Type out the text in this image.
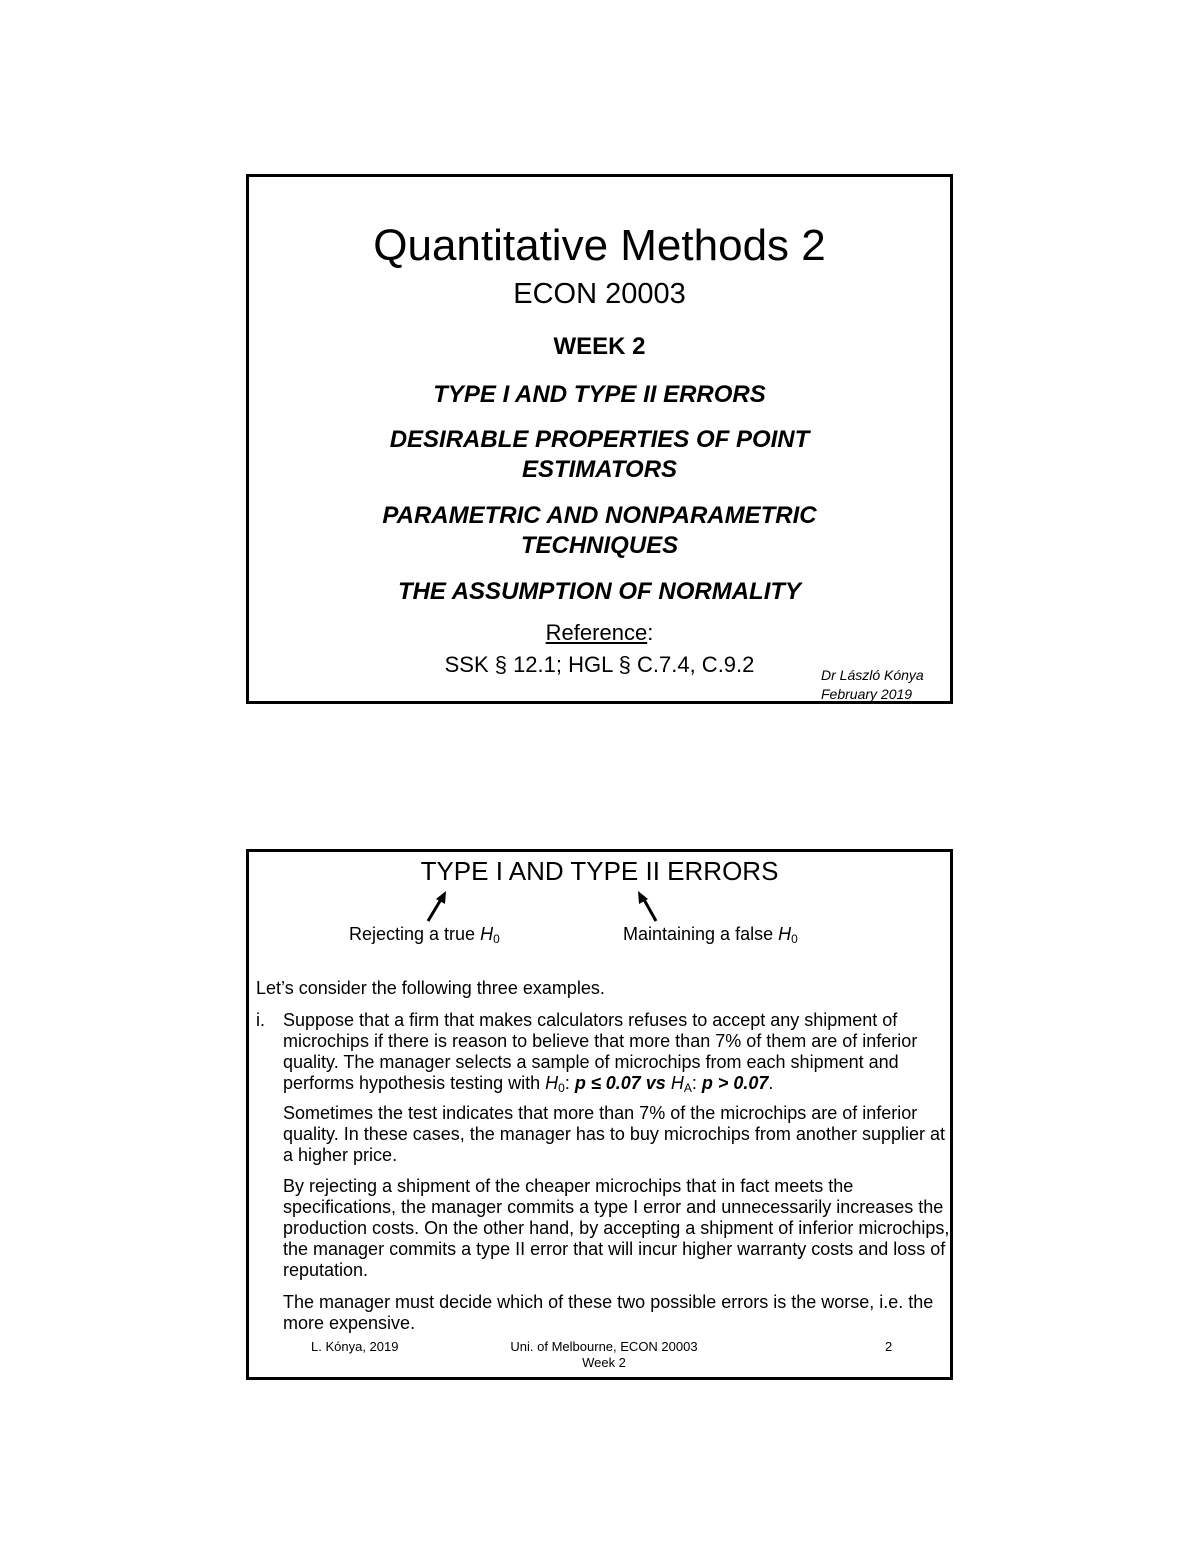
Quantitative Methods 2
ECON 20003
WEEK 2
TYPE I AND TYPE II ERRORS
DESIRABLE PROPERTIES OF POINT ESTIMATORS
PARAMETRIC AND NONPARAMETRIC TECHNIQUES
THE ASSUMPTION OF NORMALITY
Reference:
SSK § 12.1; HGL § C.7.4, C.9.2	Dr László Kónya
February 2019
TYPE I AND TYPE II ERRORS
Rejecting a true $H_0$	Maintaining a false $H_0$
Let’s consider the following three examples.
i. Suppose that a firm that makes calculators refuses to accept any shipment of microchips if there is reason to believe that more than 7% of them are of inferior quality. The manager selects a sample of microchips from each shipment and performs hypothesis testing with $H_0$: p ≤ 0.07 vs $H_A$: p > 0.07.
Sometimes the test indicates that more than 7% of the microchips are of inferior quality. In these cases, the manager has to buy microchips from another supplier at a higher price.
By rejecting a shipment of the cheaper microchips that in fact meets the specifications, the manager commits a type I error and unnecessarily increases the production costs. On the other hand, by accepting a shipment of inferior microchips, the manager commits a type II error that will incur higher warranty costs and loss of reputation.
The manager must decide which of these two possible errors is the worse, i.e. the more expensive.
L. Kónya, 2019	Uni. of Melbourne, ECON 20003
Week 2
2
